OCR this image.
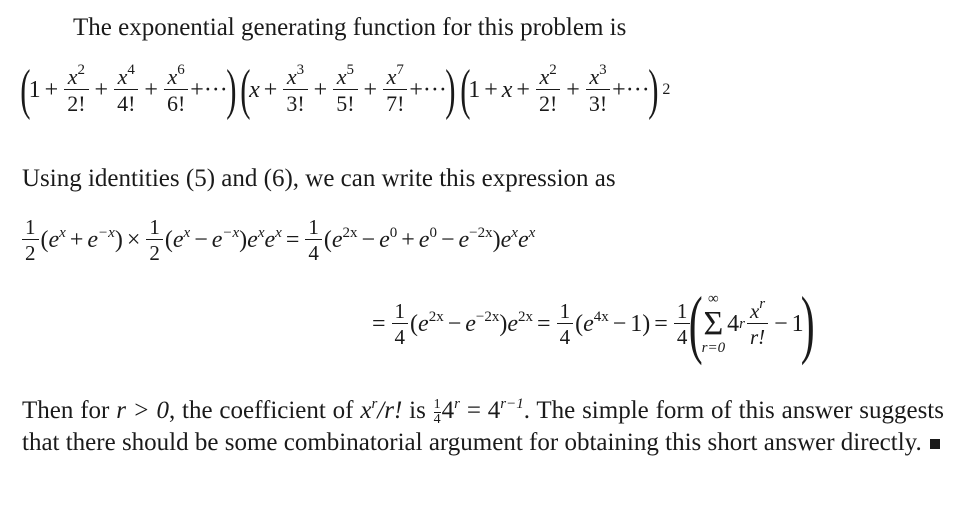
The exponential generating function for this problem is
(
$1 + \frac{x^2}{2!} + \frac{x^4}{4!} + \frac{x^6}{6!}$ +···
) (
$x + \frac{x^3}{3!} + \frac{x^5}{5!} + \frac{x^7}{7!}$ +···
) (
$1 + x + \frac{x^2}{2!} + \frac{x^3}{3!}$ +···
) 2
Using identities (5) and (6), we can write this expression as
$\frac{1}{2} (e^x + e^{-x}) \times \frac{1}{2} (e^x - e^{-x})e^xe^x = \frac{1}{4} (e^{2x} - e^0 + e^0 - e^{-2x})e^xe^x$
= $\frac{1}{4} (e^{2x} - e^{-2x})e^{2x} = \frac{1}{4} (e^{4x} - 1) = \frac{1}{4}$
( ∞
Σ
r=0
4 r $\frac{x^r}{r!} - 1$
)
Then for r > 0, the coefficient of $x^r/r$! is $\frac{1}{4} 4^r = 4^{r-1}$. The simple form of this answer suggests that there should be some combinatorial argument for obtaining this short answer directly.
